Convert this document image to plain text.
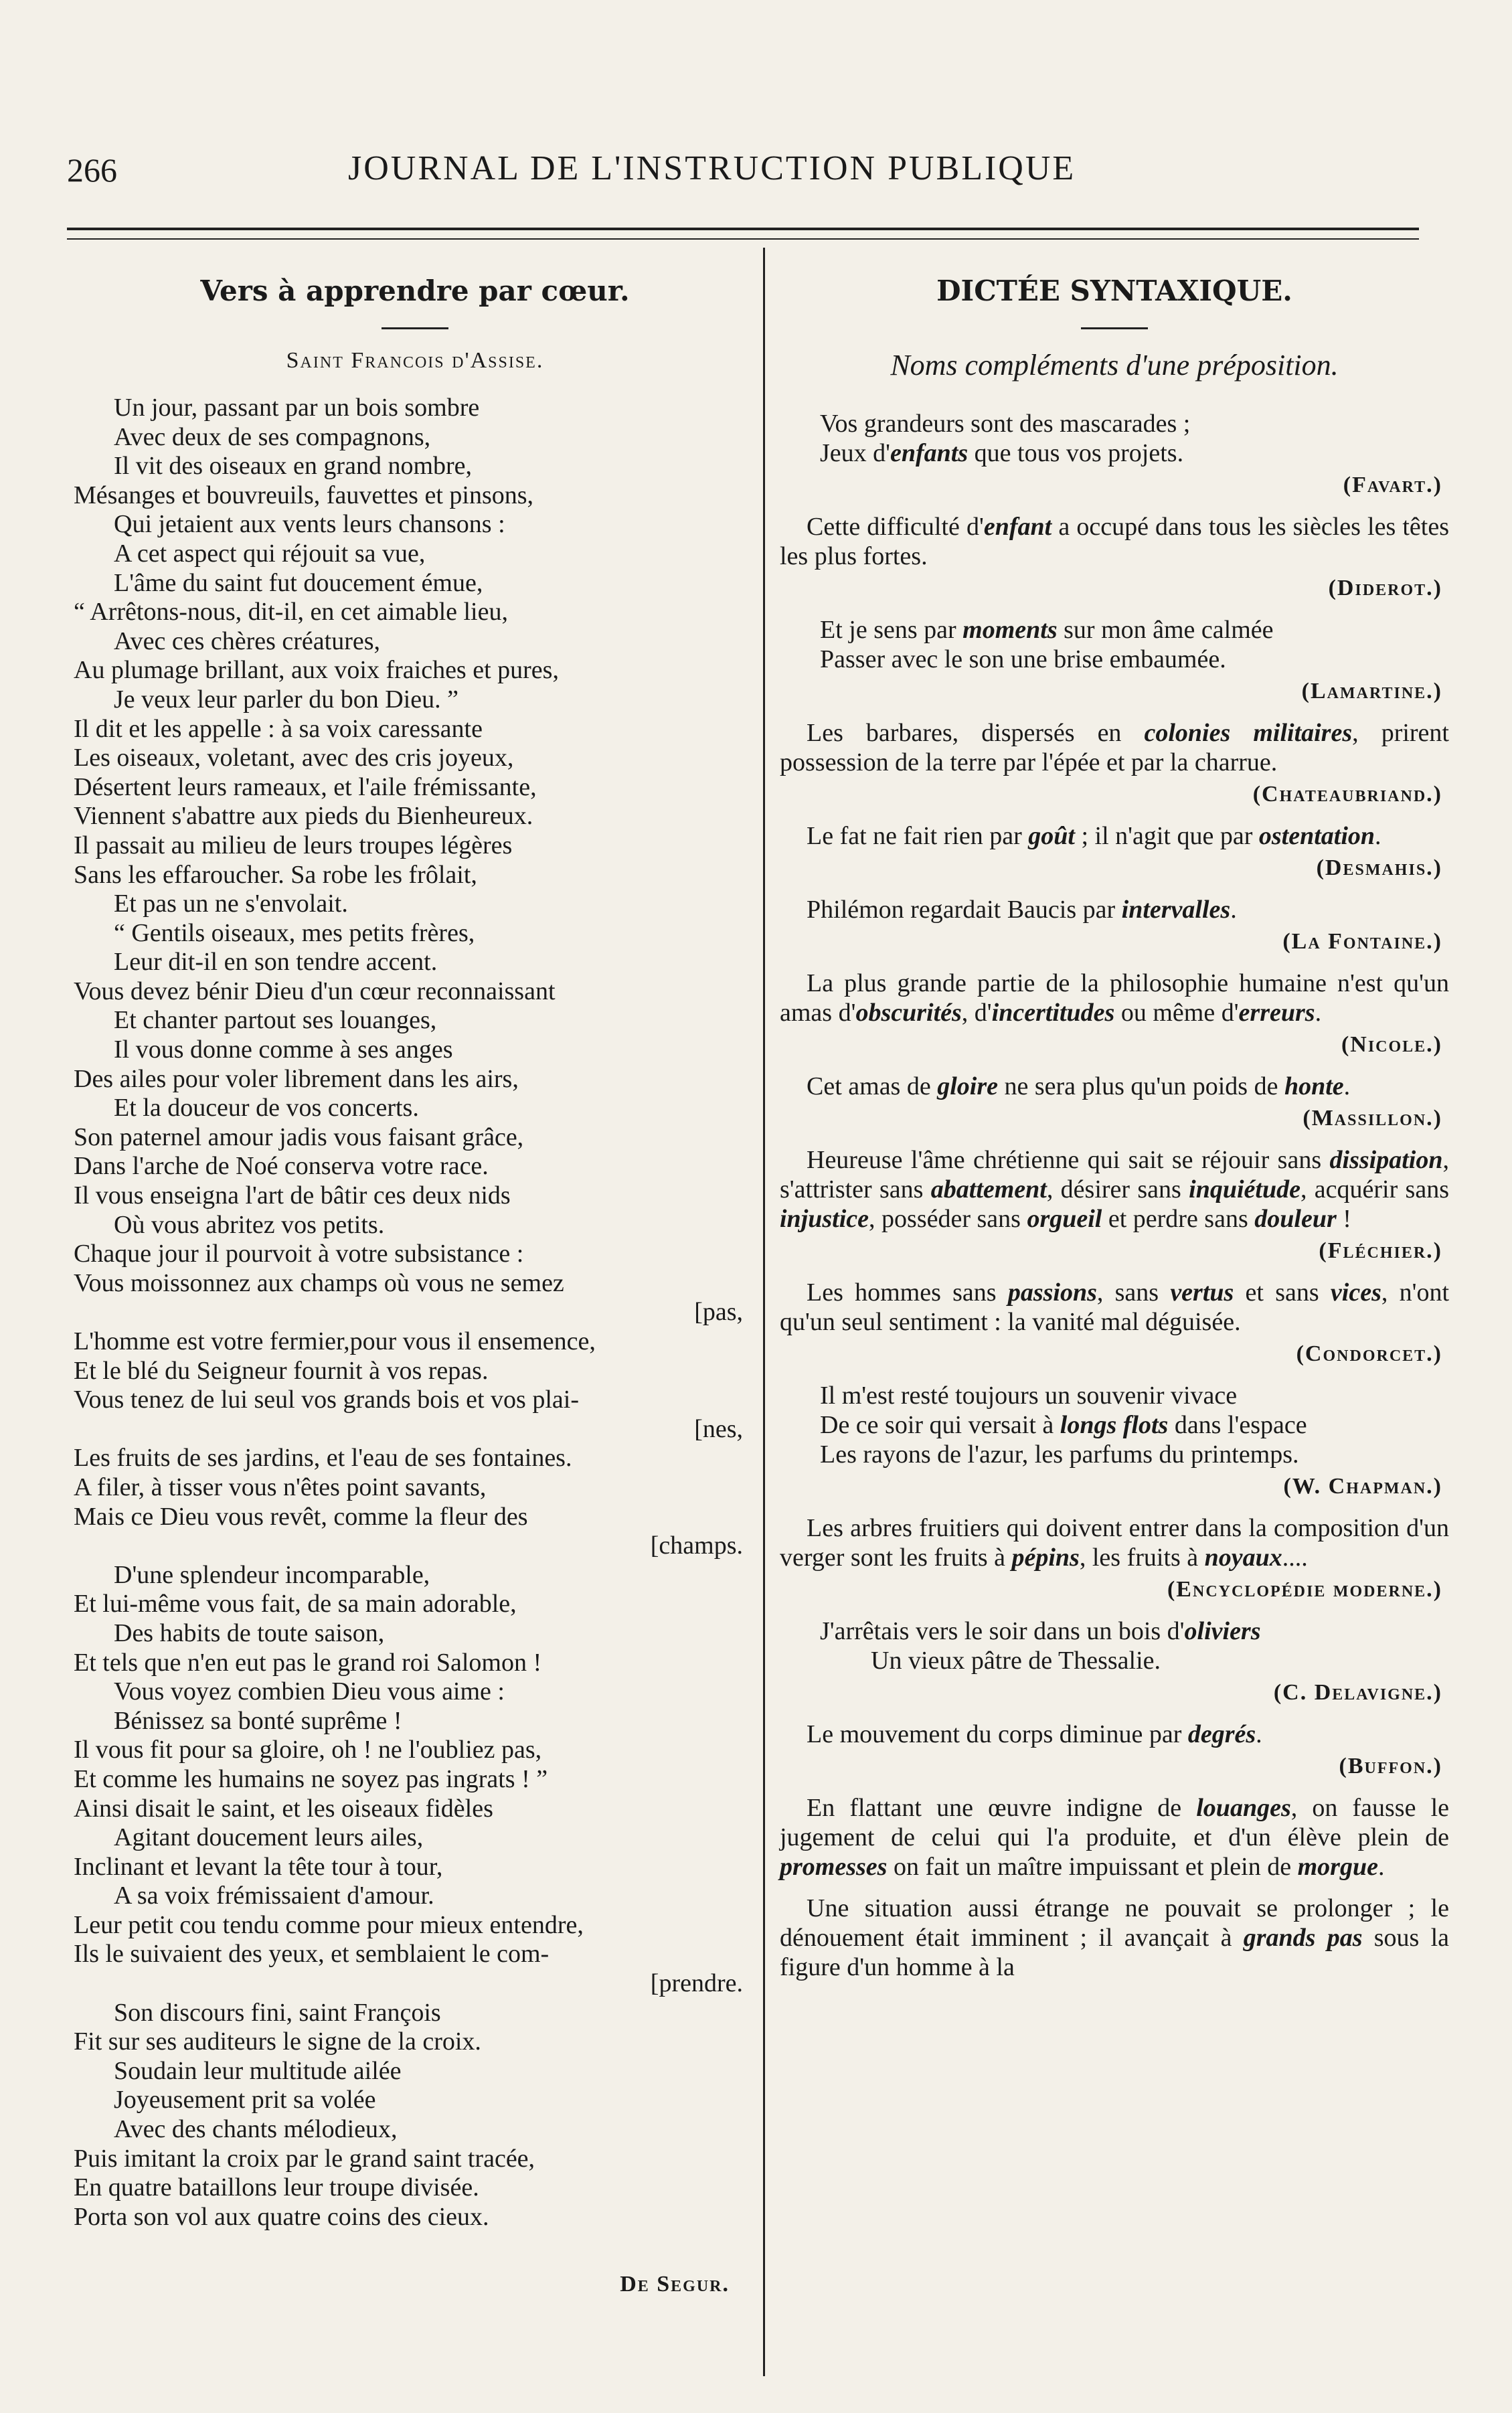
266	JOURNAL DE L'INSTRUCTION PUBLIQUE
Vers à apprendre par cœur.
Saint Francois d'Assise.
Un jour, passant par un bois sombre
Avec deux de ses compagnons,
Il vit des oiseaux en grand nombre,
Mésanges et bouvreuils, fauvettes et pinsons,
Qui jetaient aux vents leurs chansons :
A cet aspect qui réjouit sa vue,
L'âme du saint fut doucement émue,
“ Arrêtons-nous, dit-il, en cet aimable lieu,
Avec ces chères créatures,
Au plumage brillant, aux voix fraiches et pures,
Je veux leur parler du bon Dieu. ”
Il dit et les appelle : à sa voix caressante
Les oiseaux, voletant, avec des cris joyeux,
Désertent leurs rameaux, et l'aile frémissante,
Viennent s'abattre aux pieds du Bienheureux.
Il passait au milieu de leurs troupes légères
Sans les effaroucher. Sa robe les frôlait,
Et pas un ne s'envolait.
“ Gentils oiseaux, mes petits frères,
Leur dit-il en son tendre accent.
Vous devez bénir Dieu d'un cœur reconnaissant
Et chanter partout ses louanges,
Il vous donne comme à ses anges
Des ailes pour voler librement dans les airs,
Et la douceur de vos concerts.
Son paternel amour jadis vous faisant grâce,
Dans l'arche de Noé conserva votre race.
Il vous enseigna l'art de bâtir ces deux nids
Où vous abritez vos petits.
Chaque jour il pourvoit à votre subsistance :
Vous moissonnez aux champs où vous ne semez
[pas,
L'homme est votre fermier,pour vous il ensemence,
Et le blé du Seigneur fournit à vos repas.
Vous tenez de lui seul vos grands bois et vos plai-
[nes,
Les fruits de ses jardins, et l'eau de ses fontaines.
A filer, à tisser vous n'êtes point savants,
Mais ce Dieu vous revêt, comme la fleur des
[champs.
D'une splendeur incomparable,
Et lui-même vous fait, de sa main adorable,
Des habits de toute saison,
Et tels que n'en eut pas le grand roi Salomon !
Vous voyez combien Dieu vous aime :
Bénissez sa bonté suprême !
Il vous fit pour sa gloire, oh ! ne l'oubliez pas,
Et comme les humains ne soyez pas ingrats ! ”
Ainsi disait le saint, et les oiseaux fidèles
Agitant doucement leurs ailes,
Inclinant et levant la tête tour à tour,
A sa voix frémissaient d'amour.
Leur petit cou tendu comme pour mieux entendre,
Ils le suivaient des yeux, et semblaient le com-
[prendre.
Son discours fini, saint François
Fit sur ses auditeurs le signe de la croix.
Soudain leur multitude ailée
Joyeusement prit sa volée
Avec des chants mélodieux,
Puis imitant la croix par le grand saint tracée,
En quatre bataillons leur troupe divisée.
Porta son vol aux quatre coins des cieux.
De Segur.
DICTÉE SYNTAXIQUE.
Noms compléments d'une préposition.
Vos grandeurs sont des mascarades ;
Jeux d'enfants que tous vos projets.
(Favart.)
Cette difficulté d'enfant a occupé dans tous les siècles les têtes les plus fortes.
(Diderot.)
Et je sens par moments sur mon âme calmée
Passer avec le son une brise embaumée.
(Lamartine.)
Les barbares, dispersés en colonies militaires, prirent possession de la terre par l'épée et par la charrue.
(Chateaubriand.)
Le fat ne fait rien par goût ; il n'agit que par ostentation.
(Desmahis.)
Philémon regardait Baucis par intervalles.
(La Fontaine.)
La plus grande partie de la philosophie humaine n'est qu'un amas d'obscurités, d'incertitudes ou même d'erreurs.
(Nicole.)
Cet amas de gloire ne sera plus qu'un poids de honte.
(Massillon.)
Heureuse l'âme chrétienne qui sait se réjouir sans dissipation, s'attrister sans abattement, désirer sans inquiétude, acquérir sans injustice, posséder sans orgueil et perdre sans douleur !
(Fléchier.)
Les hommes sans passions, sans vertus et sans vices, n'ont qu'un seul sentiment : la vanité mal déguisée.
(Condorcet.)
Il m'est resté toujours un souvenir vivace
De ce soir qui versait à longs flots dans l'espace
Les rayons de l'azur, les parfums du printemps.
(W. Chapman.)
Les arbres fruitiers qui doivent entrer dans la composition d'un verger sont les fruits à pépins, les fruits à noyaux....
(Encyclopédie moderne.)
J'arrêtais vers le soir dans un bois d'oliviers
Un vieux pâtre de Thessalie.
(C. Delavigne.)
Le mouvement du corps diminue par degrés.
(Buffon.)
En flattant une œuvre indigne de louanges, on fausse le jugement de celui qui l'a produite, et d'un élève plein de promesses on fait un maître impuissant et plein de morgue.
Une situation aussi étrange ne pouvait se prolonger ; le dénouement était imminent ; il avançait à grands pas sous la figure d'un homme à la
